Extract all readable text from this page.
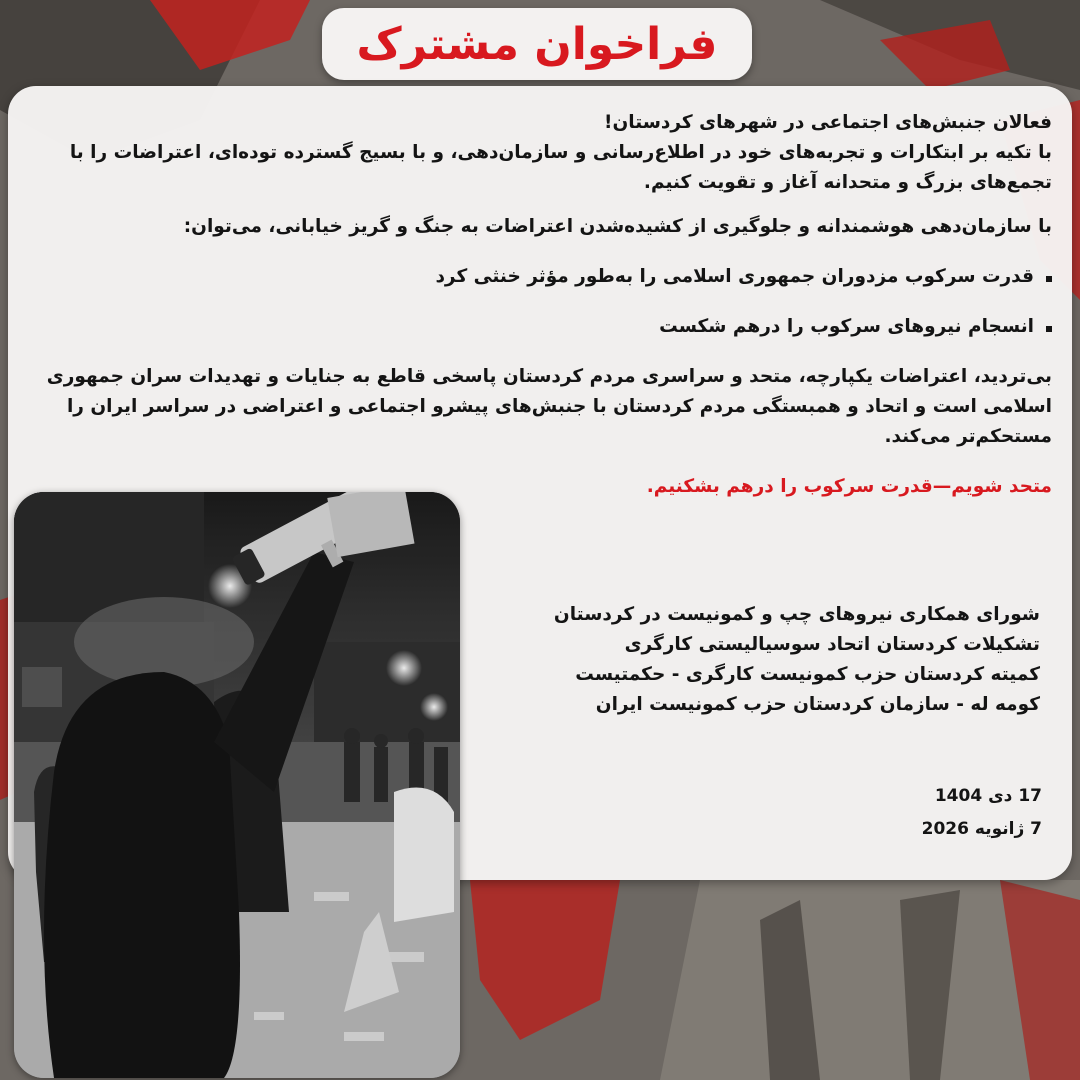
فراخوان مشترک

فعالان جنبش‌های اجتماعی در شهرهای کردستان!

با تکیه بر ابتکارات و تجربه‌های خود در اطلاع‌رسانی و سازمان‌دهی، و با بسیج گسترده توده‌ای، اعتراضات را با تجمع‌های بزرگ و متحدانه آغاز و تقویت کنیم.

با سازمان‌دهی هوشمندانه و جلوگیری از کشیده‌شدن اعتراضات به جنگ و گریز خیابانی، می‌توان:

قدرت سرکوب مزدوران جمهوری اسلامی را به‌طور مؤثر خنثی کرد
انسجام نیروهای سرکوب را درهم شکست

بی‌تردید، اعتراضات یکپارچه، متحد و سراسری مردم کردستان پاسخی قاطع به جنایات و تهدیدات سران جمهوری اسلامی است و اتحاد و همبستگی مردم کردستان با جنبش‌های پیشرو اجتماعی و اعتراضی در سراسر ایران را مستحکم‌تر می‌کند.

متحد شویم—قدرت سرکوب را درهم بشکنیم.

شورای همکاری نیروهای چپ و کمونیست در کردستان

تشکیلات کردستان اتحاد سوسیالیستی کارگری

کمیته کردستان حزب کمونیست کارگری - حکمتیست

کومه له - سازمان کردستان حزب کمونیست ایران

17 دی 1404

7 ژانویه 2026
